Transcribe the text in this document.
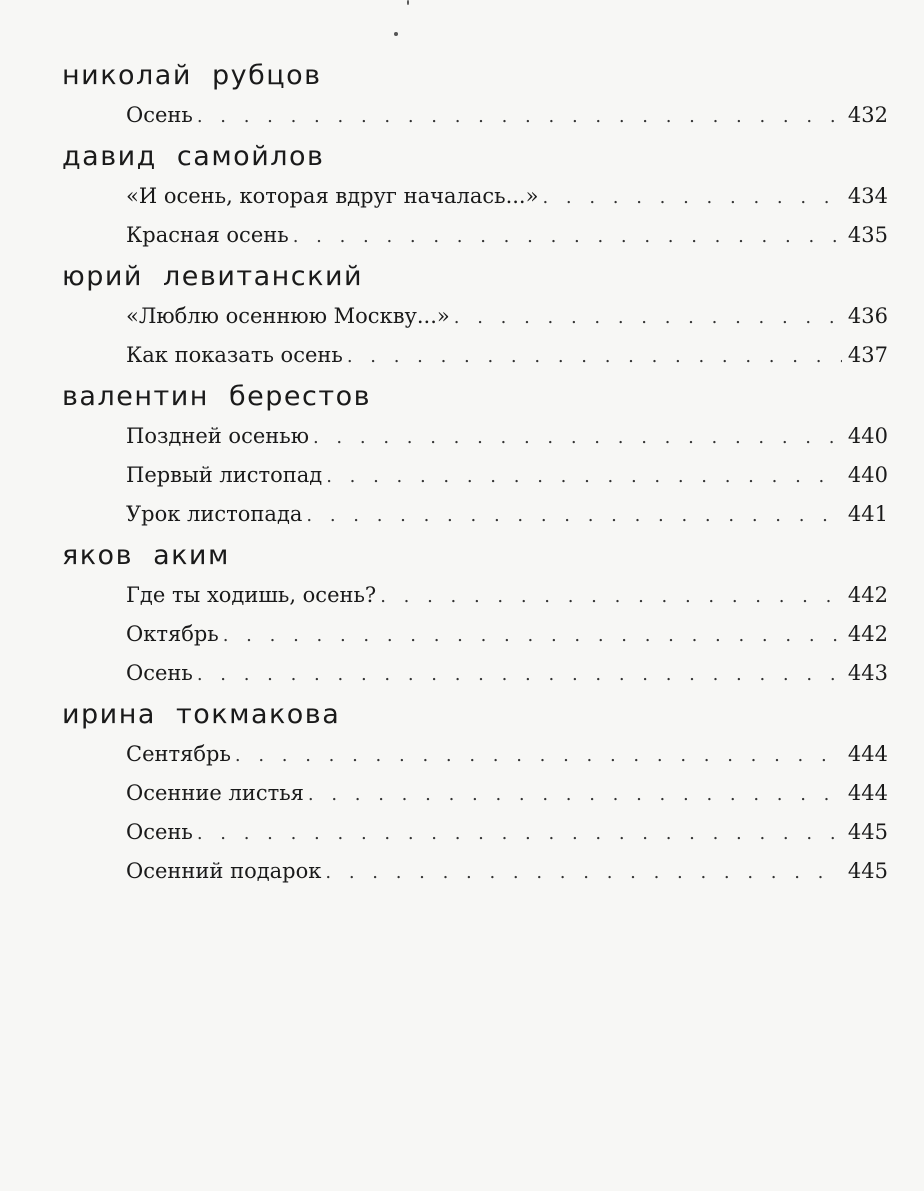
николай рубцов
Осень . . .	432
давид самойлов
«И осень, которая вдруг началась...» . . .	434
Красная осень . . .	435
юрий левитанский
«Люблю осеннюю Москву...» . . .	436
Как показать осень . . .	437
валентин берестов
Поздней осенью . . .	440
Первый листопад . . .	440
Урок листопада . . .	441
яков аким
Где ты ходишь, осень? . . .	442
Октябрь . . .	442
Осень . . .	443
ирина токмакова
Сентябрь . . .	444
Осенние листья . . .	444
Осень . . .	445
Осенний подарок . . .	445
